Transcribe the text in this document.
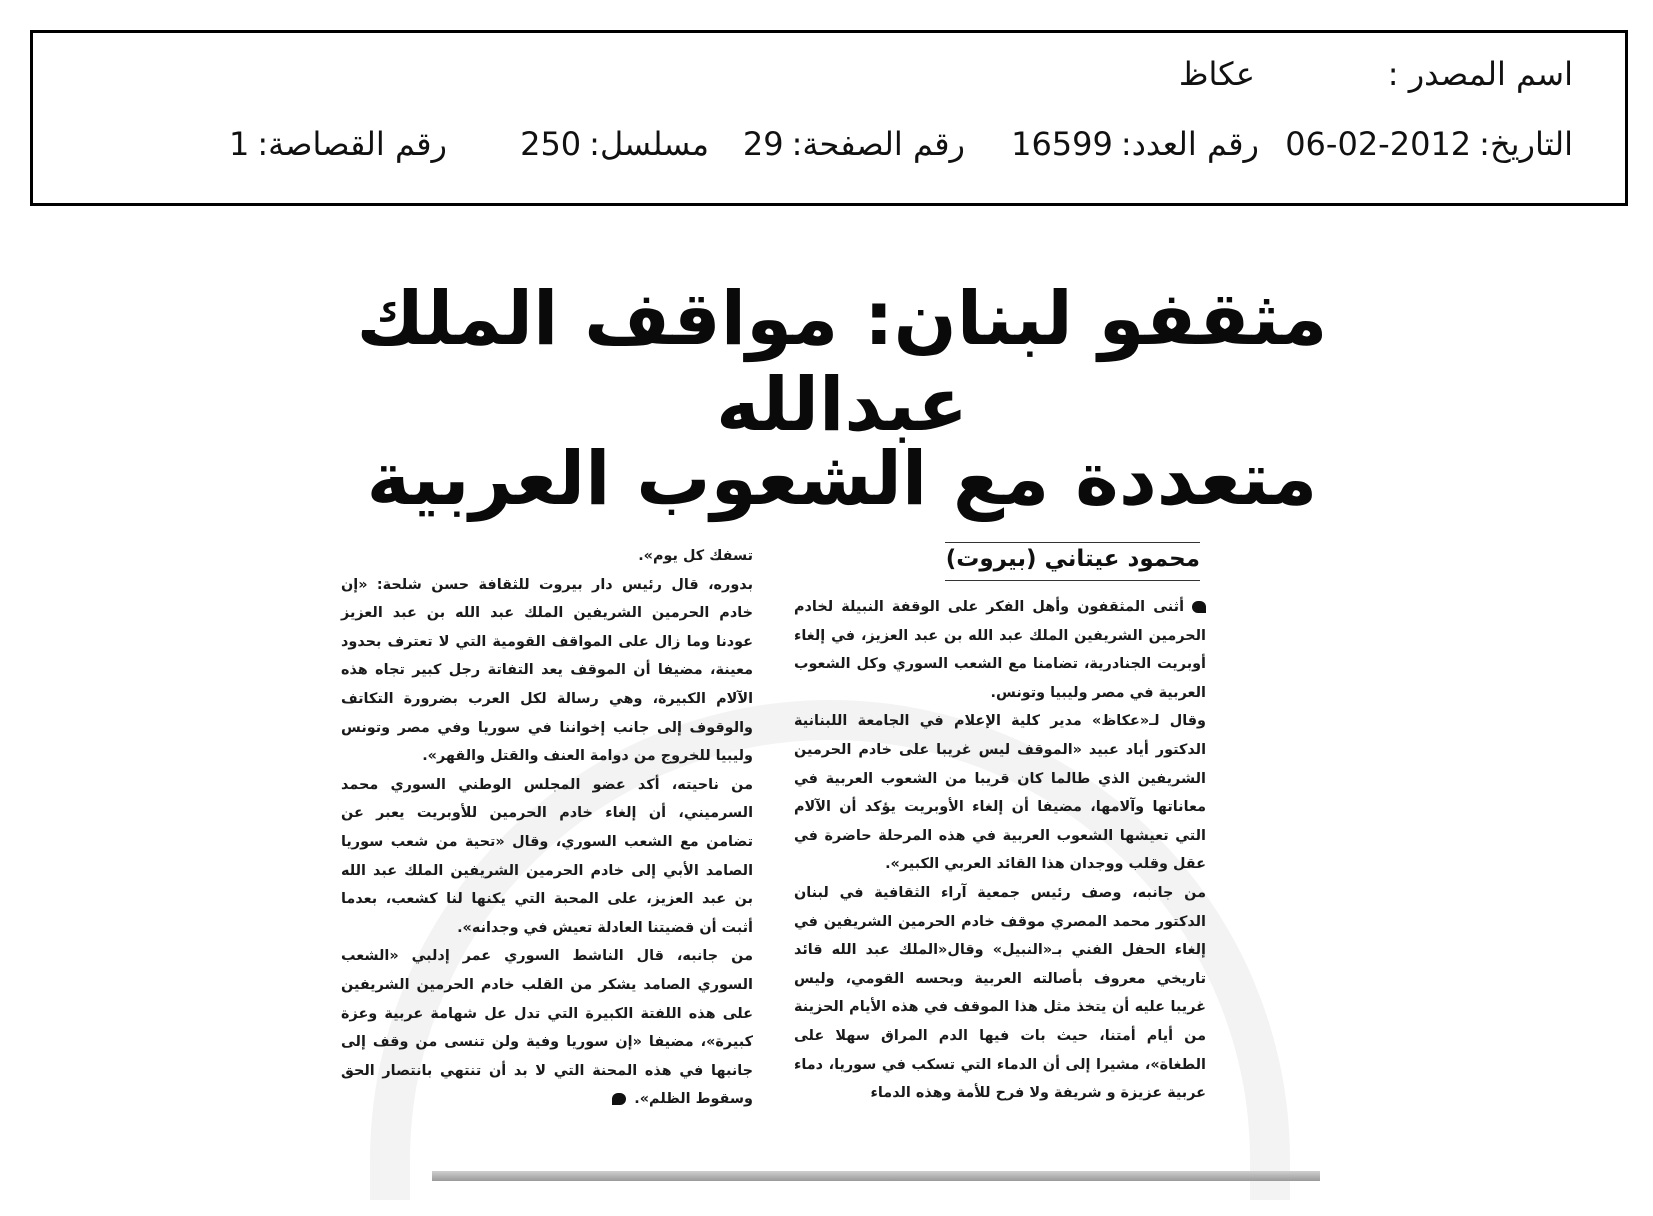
اسم المصدر :
عكاظ
التاريخ:2012-02-06
رقم العدد:16599
رقم الصفحة:29
مسلسل:250
رقم القصاصة:1
مثقفو لبنان: مواقف الملك عبدالله
متعددة مع الشعوب العربية
محمود عيتاني (بيروت)

أثنى المثقفون وأهل الفكر على الوقفة النبيلة لخادم الحرمين الشريفين الملك عبد الله بن عبد العزيز، في إلغاء أوبريت الجنادرية، تضامنا مع الشعب السوري وكل الشعوب العربية في مصر وليبيا وتونس.

وقال لـ«عكاظ» مدير كلية الإعلام في الجامعة اللبنانية الدكتور أياد عبيد «الموقف ليس غريبا على خادم الحرمين الشريفين الذي طالما كان قريبا من الشعوب العربية في معاناتها وآلامها، مضيفا أن إلغاء الأوبريت يؤكد أن الآلام التي تعيشها الشعوب العربية في هذه المرحلة حاضرة في عقل وقلب ووجدان هذا القائد العربي الكبير».

من جانبه، وصف رئيس جمعية آراء الثقافية في لبنان الدكتور محمد المصري موقف خادم الحرمين الشريفين في إلغاء الحفل الفني بـ«النبيل» وقال«الملك عبد الله قائد تاريخي معروف بأصالته العربية وبحسه القومي، وليس غريبا عليه أن يتخذ مثل هذا الموقف في هذه الأيام الحزينة من أيام أمتنا، حيث بات فيها الدم المراق سهلا على الطغاة»، مشيرا إلى أن الدماء التي تسكب في سوريا، دماء عربية عزيزة و شريفة ولا فرح للأمة وهذه الدماء

تسفك كل يوم».

بدوره، قال رئيس دار بيروت للثقافة حسن شلحة: «إن خادم الحرمين الشريفين الملك عبد الله بن عبد العزيز عودنا وما زال على المواقف القومية التي لا تعترف بحدود معينة، مضيفا أن الموقف يعد التفاتة رجل كبير تجاه هذه الآلام الكبيرة، وهي رسالة لكل العرب بضرورة التكاتف والوقوف إلى جانب إخواننا في سوريا وفي مصر وتونس وليبيا للخروج من دوامة العنف والقتل والقهر».

من ناحيته، أكد عضو المجلس الوطني السوري محمد السرميني، أن إلغاء خادم الحرمين للأوبريت يعبر عن تضامن مع الشعب السوري، وقال «تحية من شعب سوريا الصامد الأبي إلى خادم الحرمين الشريفين الملك عبد الله بن عبد العزيز، على المحبة التي يكنها لنا كشعب، بعدما أثبت أن قضيتنا العادلة تعيش في وجدانه».

من جانبه، قال الناشط السوري عمر إدلبي «الشعب السوري الصامد يشكر من القلب خادم الحرمين الشريفين على هذه اللفتة الكبيرة التي تدل عل شهامة عربية وعزة كبيرة»، مضيفا «إن سوريا وفية ولن تنسى من وقف إلى جانبها في هذه المحنة التي لا بد أن تنتهي بانتصار الحق وسقوط الظلم».
